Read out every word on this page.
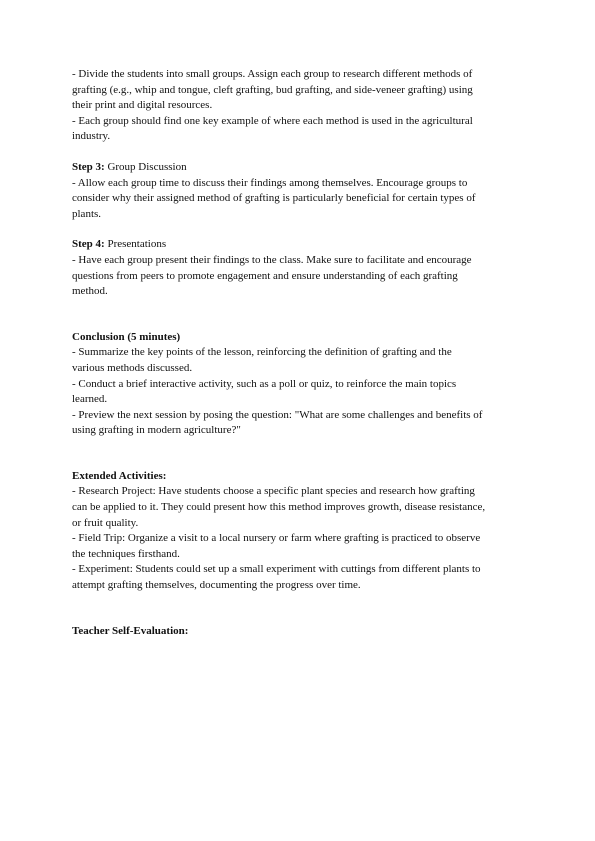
- Divide the students into small groups. Assign each group to research different methods of
grafting (e.g., whip and tongue, cleft grafting, bud grafting, and side-veneer grafting) using
their print and digital resources.
- Each group should find one key example of where each method is used in the agricultural
industry.
Step 3: Group Discussion
- Allow each group time to discuss their findings among themselves. Encourage groups to
consider why their assigned method of grafting is particularly beneficial for certain types of
plants.
Step 4: Presentations
- Have each group present their findings to the class. Make sure to facilitate and encourage
questions from peers to promote engagement and ensure understanding of each grafting
method.
Conclusion (5 minutes)
- Summarize the key points of the lesson, reinforcing the definition of grafting and the
various methods discussed.
- Conduct a brief interactive activity, such as a poll or quiz, to reinforce the main topics
learned.
- Preview the next session by posing the question: "What are some challenges and benefits of
using grafting in modern agriculture?"
Extended Activities:
- Research Project: Have students choose a specific plant species and research how grafting
can be applied to it. They could present how this method improves growth, disease resistance,
or fruit quality.
- Field Trip: Organize a visit to a local nursery or farm where grafting is practiced to observe
the techniques firsthand.
- Experiment: Students could set up a small experiment with cuttings from different plants to
attempt grafting themselves, documenting the progress over time.
Teacher Self-Evaluation:
